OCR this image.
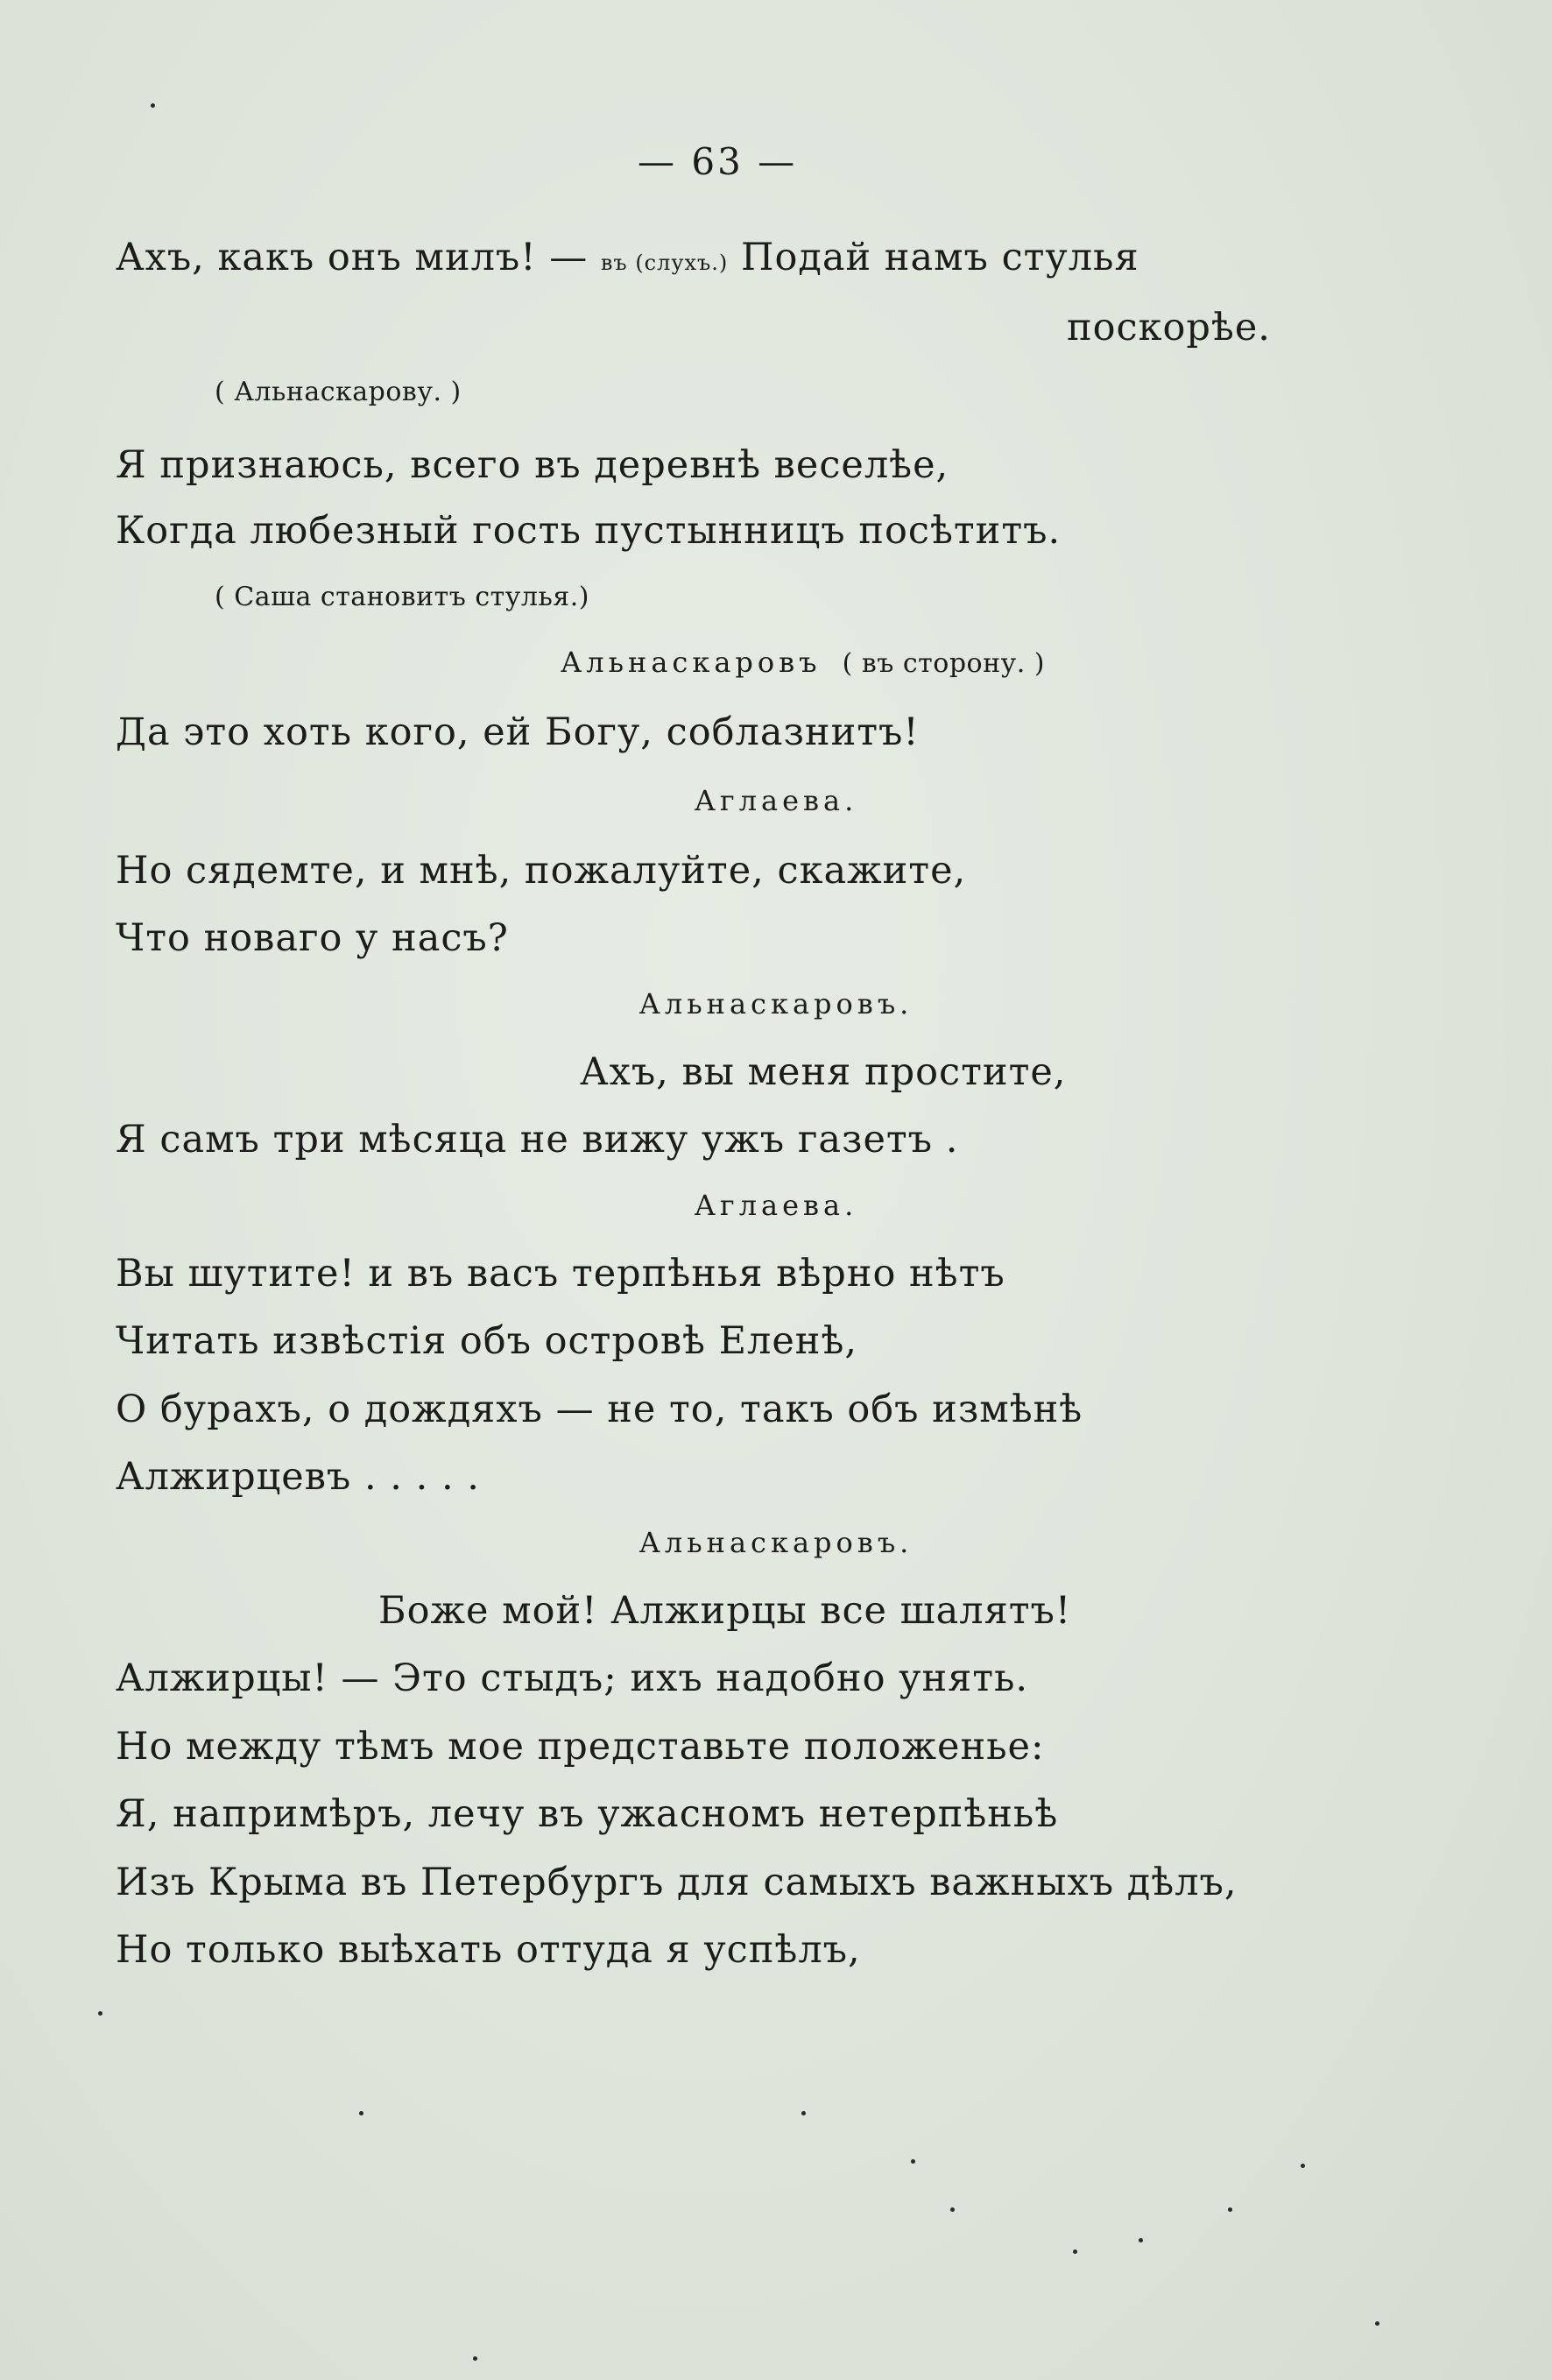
— 63 —
Ахъ, какъ онъ милъ! — въ (слухъ.) Подай намъ стулья
поскорѣе.
( Альнаскарову. )
Я признаюсь, всего въ деревнѣ веселѣе,
Когда любезный гость пустынницъ посѣтитъ.
( Саша становитъ стулья.)
Альнаскаровъ ( въ сторону. )
Да это хоть кого, ей Богу, соблазнитъ!
Аглаева.
Но сядемте, и мнѣ, пожалуйте, скажите,
Что новаго у насъ?
Альнаскаровъ.
Ахъ, вы меня простите,
Я самъ три мѣсяца не вижу ужъ газетъ .
Аглаева.
Вы шутите! и въ васъ терпѣнья вѣрно нѣтъ
Читать извѣстія объ островѣ Еленѣ,
О бурахъ, о дождяхъ — не то, такъ объ измѣнѣ
Алжирцевъ . . . . .
Альнаскаровъ.
Боже мой! Алжирцы все шалятъ!
Алжирцы! — Это стыдъ; ихъ надобно унять.
Но между тѣмъ мое представьте положенье:
Я, напримѣръ, лечу въ ужасномъ нетерпѣньѣ
Изъ Крыма въ Петербургъ для самыхъ важныхъ дѣлъ,
Но только выѣхать оттуда я успѣлъ,
